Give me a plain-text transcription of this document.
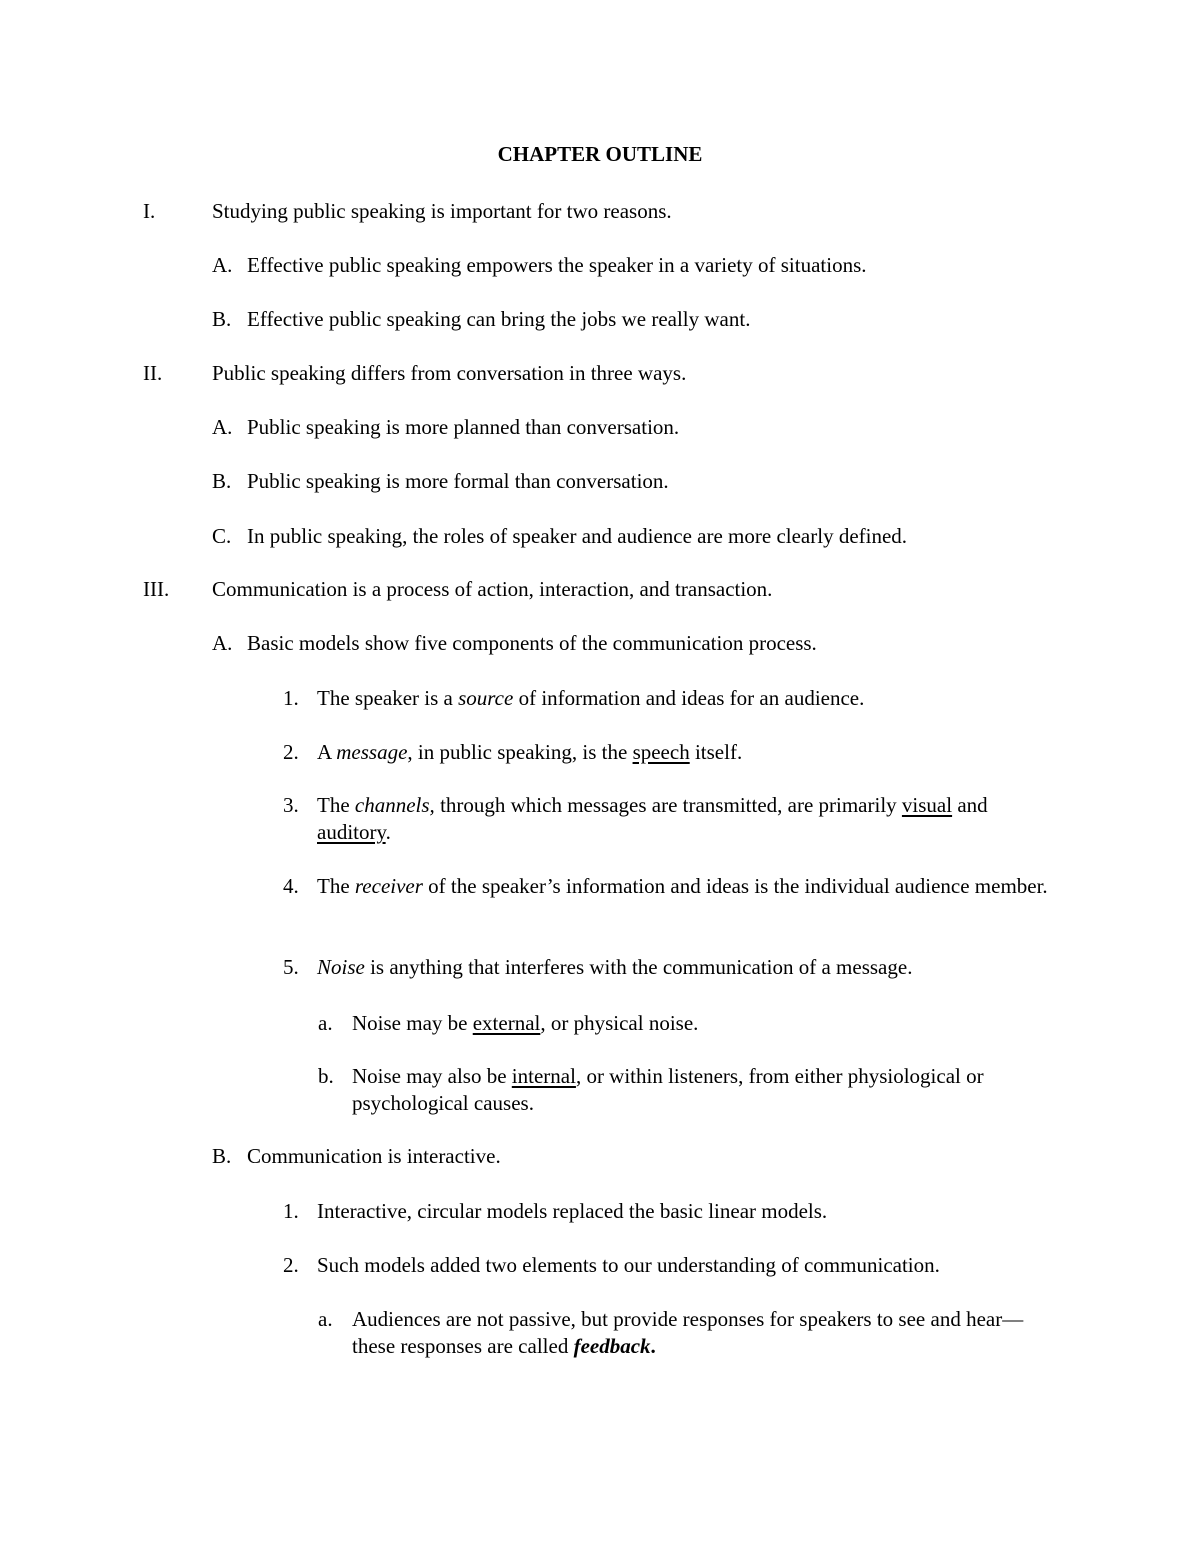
CHAPTER OUTLINE
I.	Studying public speaking is important for two reasons.
A. Effective public speaking empowers the speaker in a variety of situations.
B. Effective public speaking can bring the jobs we really want.
II. Public speaking differs from conversation in three ways.
A. Public speaking is more planned than conversation.
B. Public speaking is more formal than conversation.
C. In public speaking, the roles of speaker and audience are more clearly defined.
III. Communication is a process of action, interaction, and transaction.
A. Basic models show five components of the communication process.
1. The speaker is a source of information and ideas for an audience.
2. A message, in public speaking, is the speech itself.
3. The channels, through which messages are transmitted, are primarily visual and auditory.
4. The receiver of the speaker’s information and ideas is the individual audience member.
5. Noise is anything that interferes with the communication of a message.
a. Noise may be external, or physical noise.
b. Noise may also be internal, or within listeners, from either physiological or psychological causes.
B. Communication is interactive.
1. Interactive, circular models replaced the basic linear models.
2. Such models added two elements to our understanding of communication.
a. Audiences are not passive, but provide responses for speakers to see and hear—these responses are called feedback.
